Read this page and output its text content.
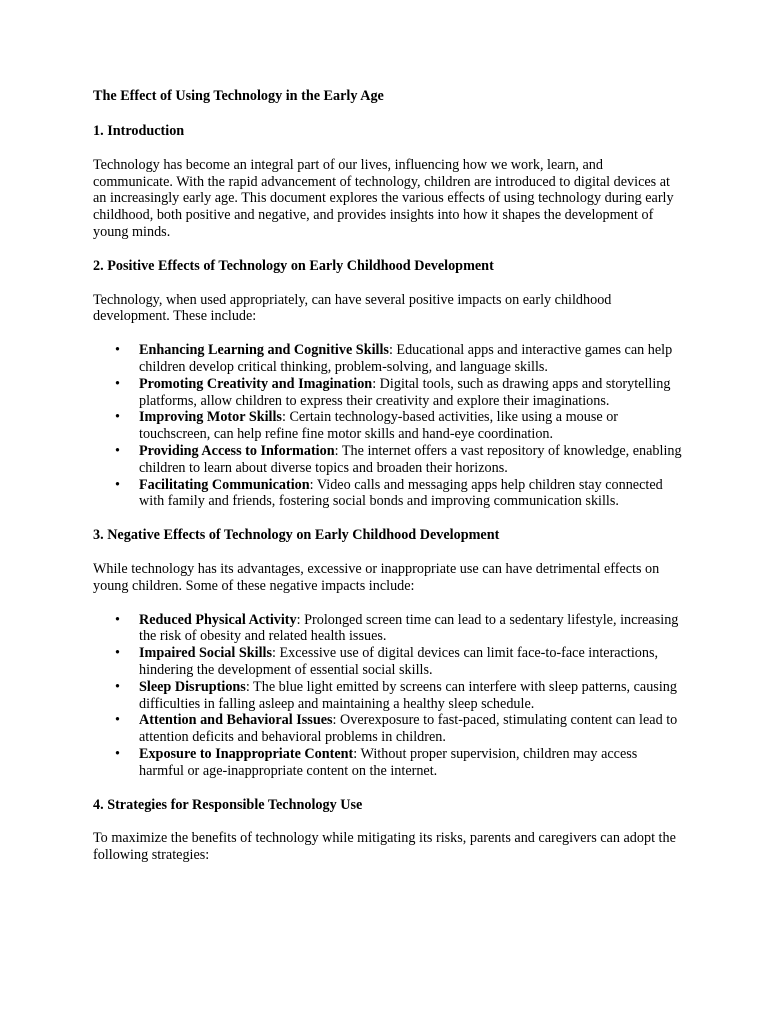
The Effect of Using Technology in the Early Age

1. Introduction

Technology has become an integral part of our lives, influencing how we work, learn, and communicate. With the rapid advancement of technology, children are introduced to digital devices at an increasingly early age. This document explores the various effects of using technology during early childhood, both positive and negative, and provides insights into how it shapes the development of young minds.

2. Positive Effects of Technology on Early Childhood Development

Technology, when used appropriately, can have several positive impacts on early childhood development. These include:

• Enhancing Learning and Cognitive Skills: Educational apps and interactive games can help children develop critical thinking, problem-solving, and language skills.
• Promoting Creativity and Imagination: Digital tools, such as drawing apps and storytelling platforms, allow children to express their creativity and explore their imaginations.
• Improving Motor Skills: Certain technology-based activities, like using a mouse or touchscreen, can help refine fine motor skills and hand-eye coordination.
• Providing Access to Information: The internet offers a vast repository of knowledge, enabling children to learn about diverse topics and broaden their horizons.
• Facilitating Communication: Video calls and messaging apps help children stay connected with family and friends, fostering social bonds and improving communication skills.

3. Negative Effects of Technology on Early Childhood Development

While technology has its advantages, excessive or inappropriate use can have detrimental effects on young children. Some of these negative impacts include:

• Reduced Physical Activity: Prolonged screen time can lead to a sedentary lifestyle, increasing the risk of obesity and related health issues.
• Impaired Social Skills: Excessive use of digital devices can limit face-to-face interactions, hindering the development of essential social skills.
• Sleep Disruptions: The blue light emitted by screens can interfere with sleep patterns, causing difficulties in falling asleep and maintaining a healthy sleep schedule.
• Attention and Behavioral Issues: Overexposure to fast-paced, stimulating content can lead to attention deficits and behavioral problems in children.
• Exposure to Inappropriate Content: Without proper supervision, children may access harmful or age-inappropriate content on the internet.

4. Strategies for Responsible Technology Use

To maximize the benefits of technology while mitigating its risks, parents and caregivers can adopt the following strategies:
